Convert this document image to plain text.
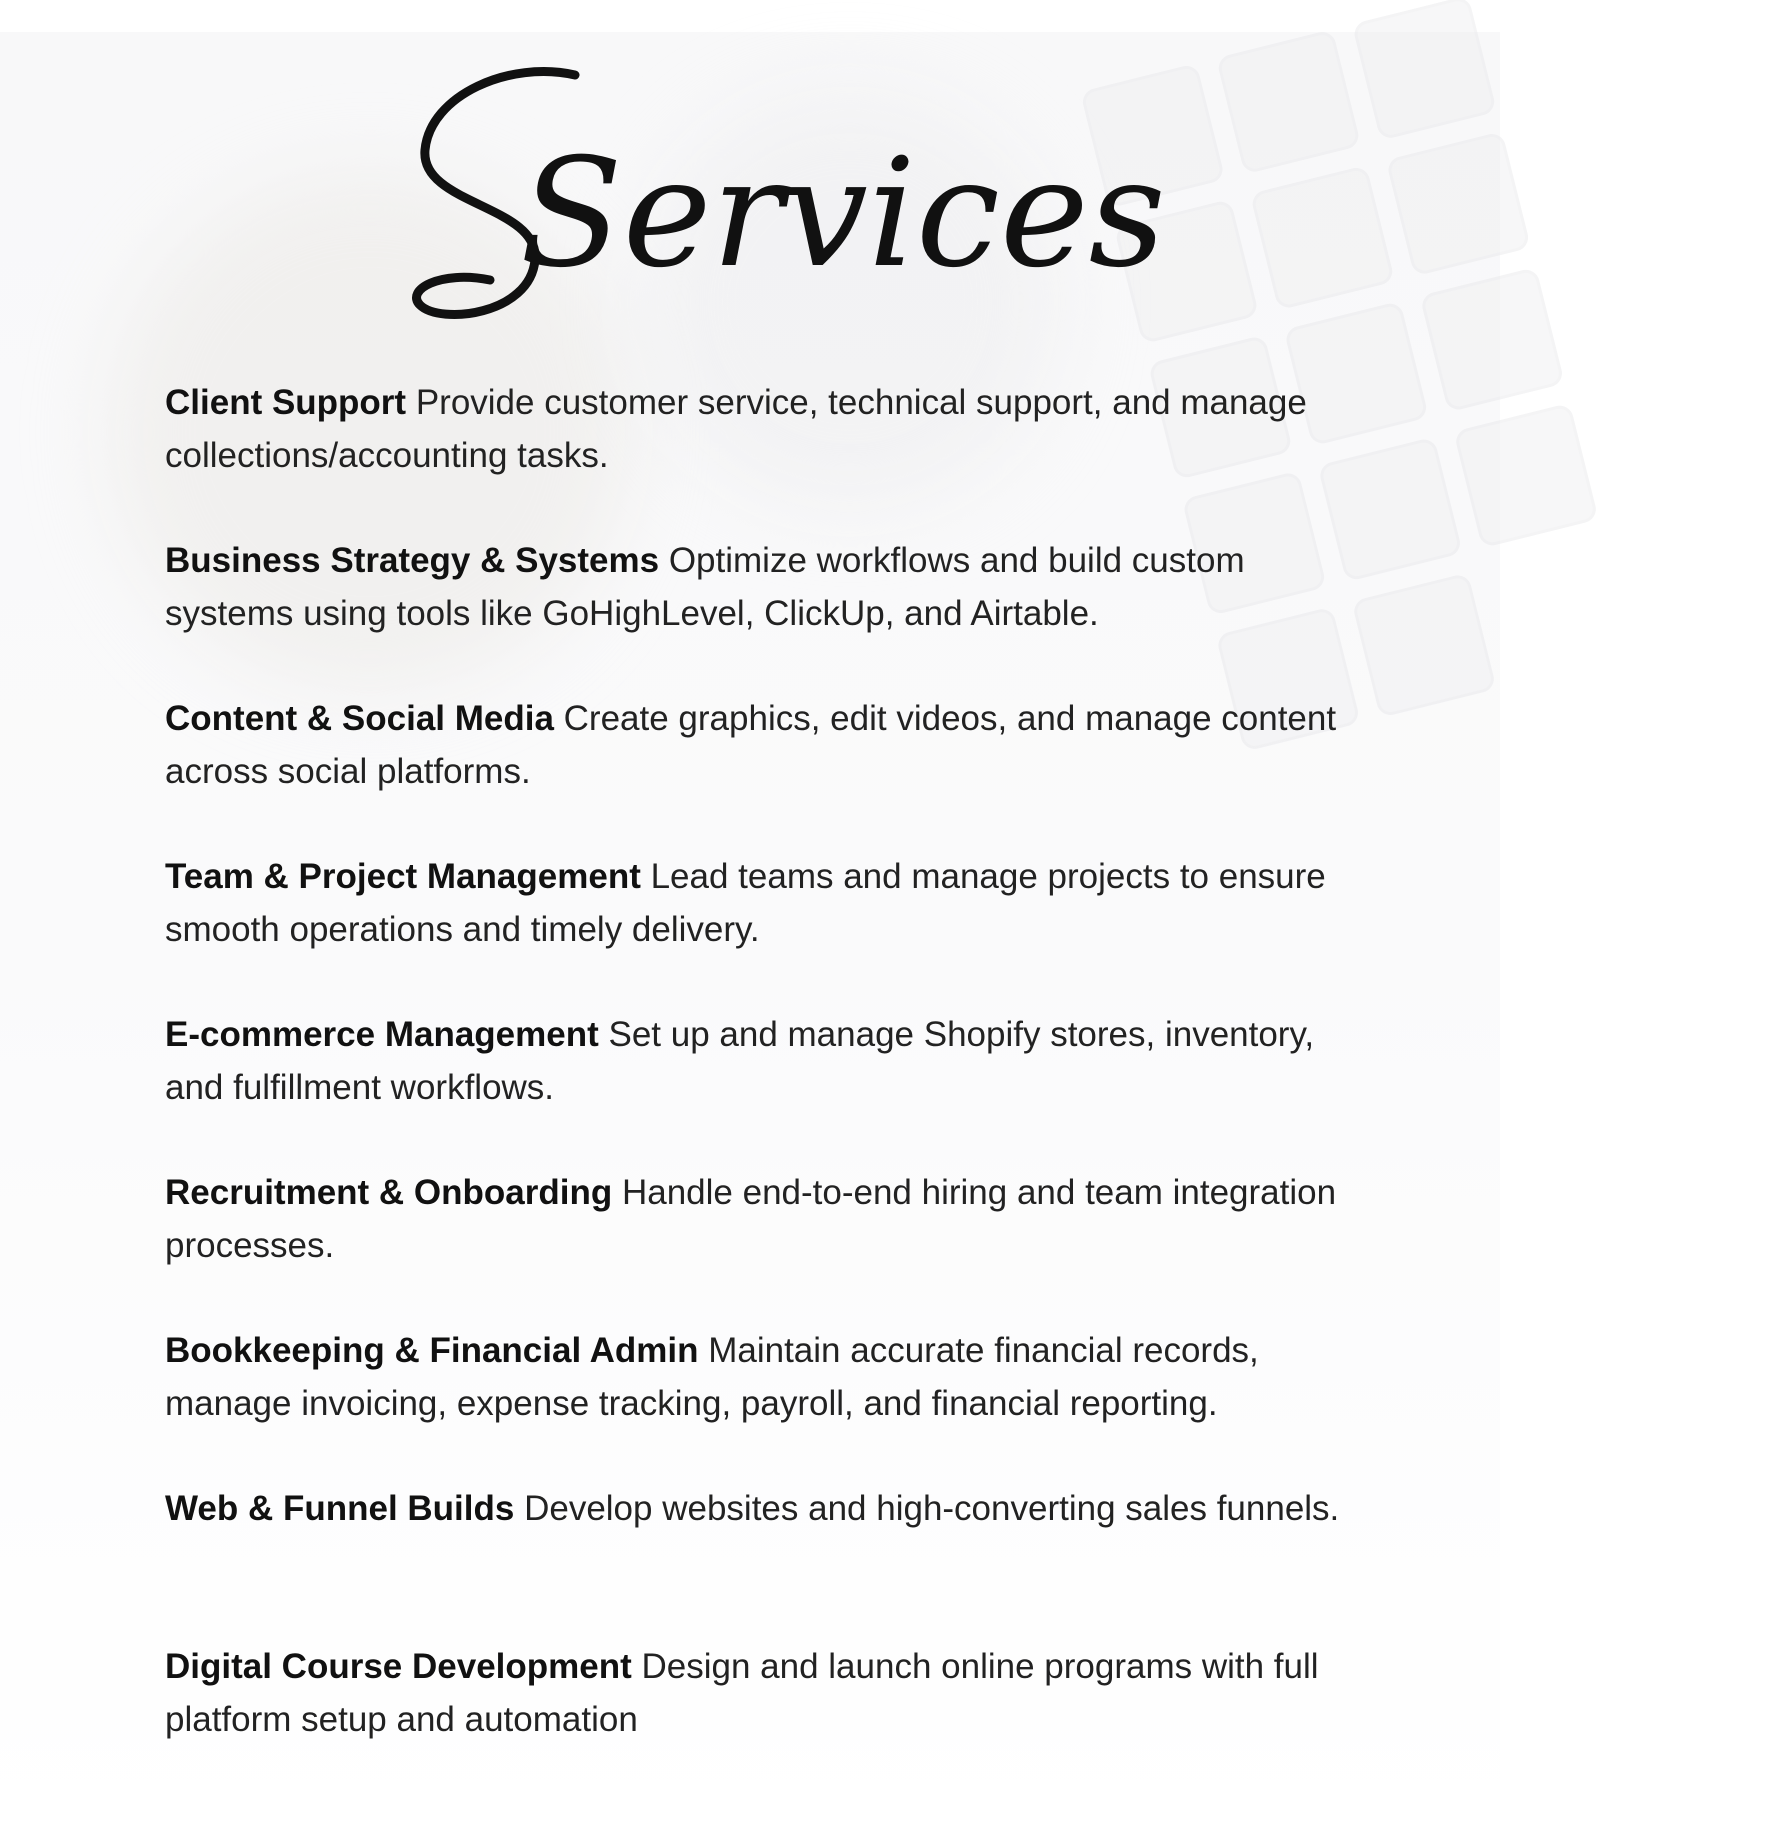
Services
Client Support Provide customer service, technical support, and manage collections/accounting tasks.
Business Strategy & Systems Optimize workflows and build custom systems using tools like GoHighLevel, ClickUp, and Airtable.
Content & Social Media Create graphics, edit videos, and manage content across social platforms.
Team & Project Management Lead teams and manage projects to ensure smooth operations and timely delivery.
E-commerce Management Set up and manage Shopify stores, inventory, and fulfillment workflows.
Recruitment & Onboarding Handle end-to-end hiring and team integration processes.
Bookkeeping & Financial Admin Maintain accurate financial records, manage invoicing, expense tracking, payroll, and financial reporting.
Web & Funnel Builds Develop websites and high-converting sales funnels.
Digital Course Development Design and launch online programs with full platform setup and automation
